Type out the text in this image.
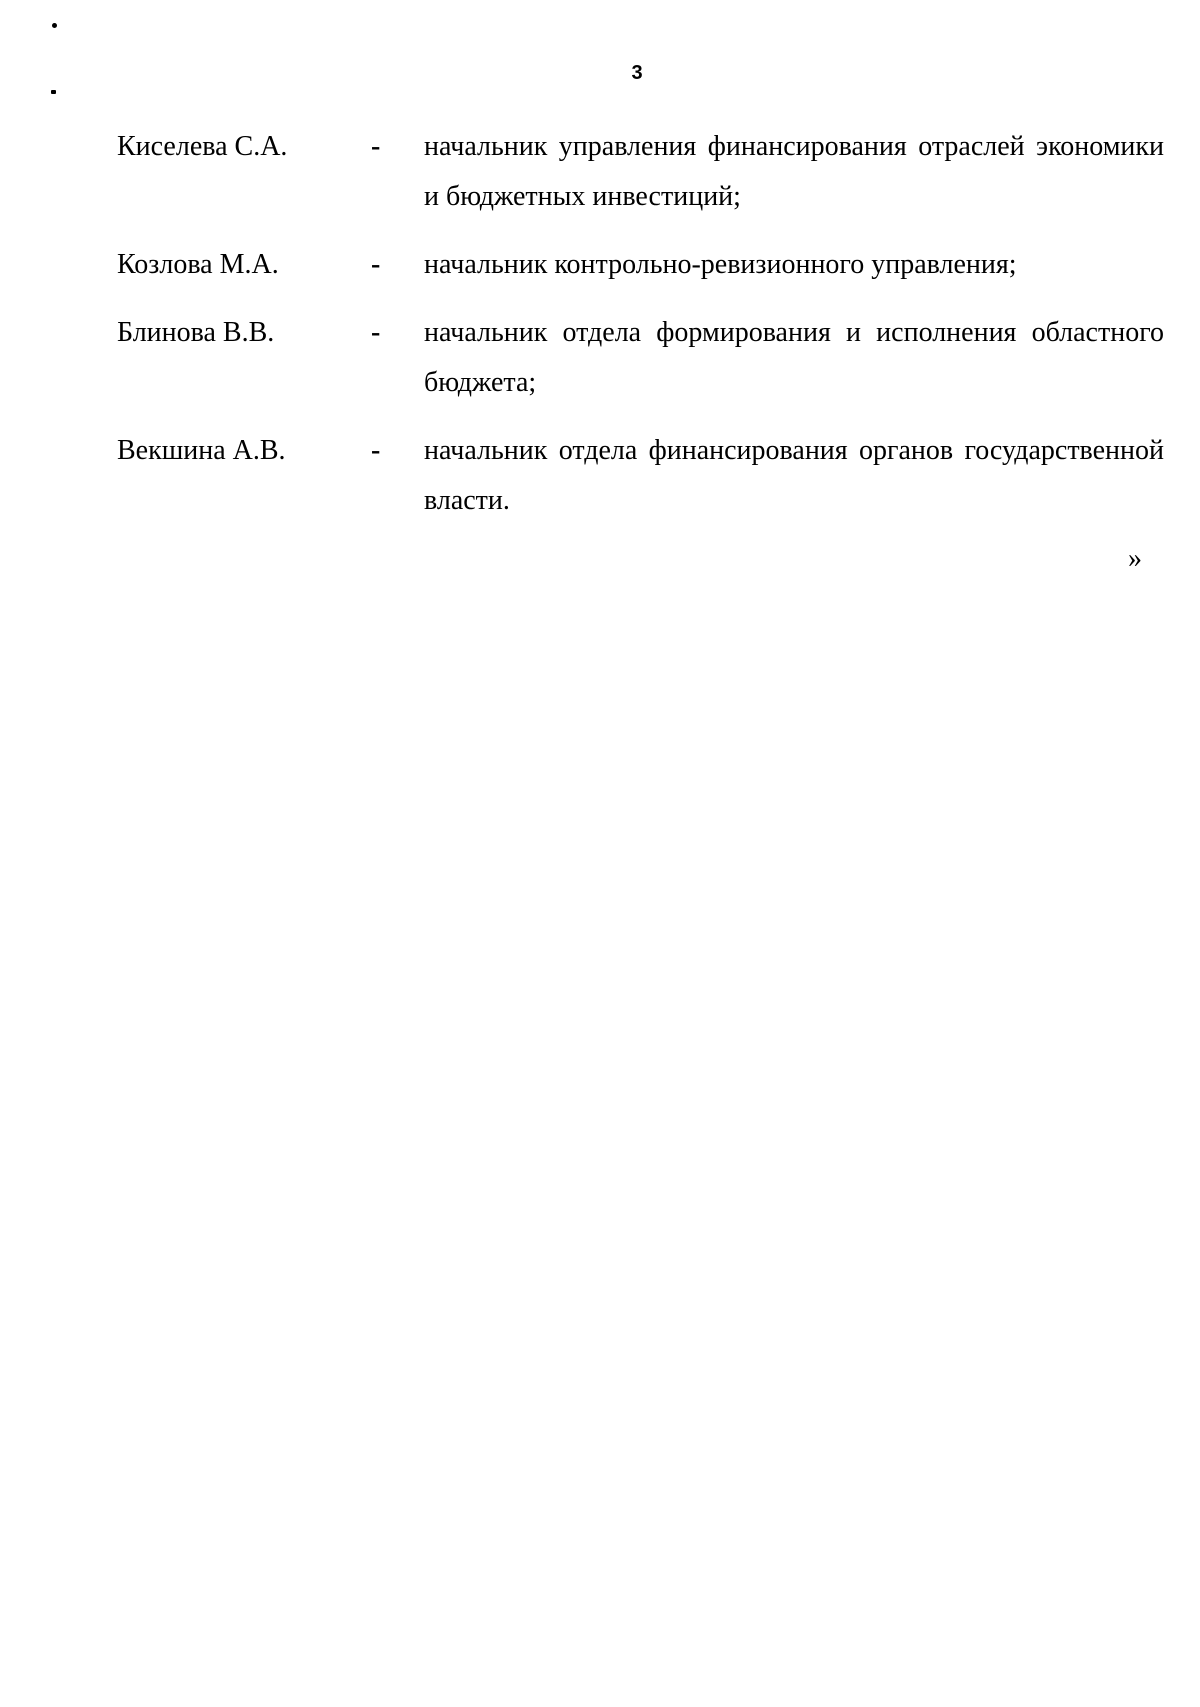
3
Киселева С.А.	-	начальник управления финансирования отраслей экономики и бюджетных инвестиций;
Козлова М.А.	-	начальник контрольно-ревизионного управления;
Блинова В.В.	-	начальник отдела формирования и исполнения областного бюджета;
Векшина А.В.	-	начальник отдела финансирования органов государственной власти.
»
